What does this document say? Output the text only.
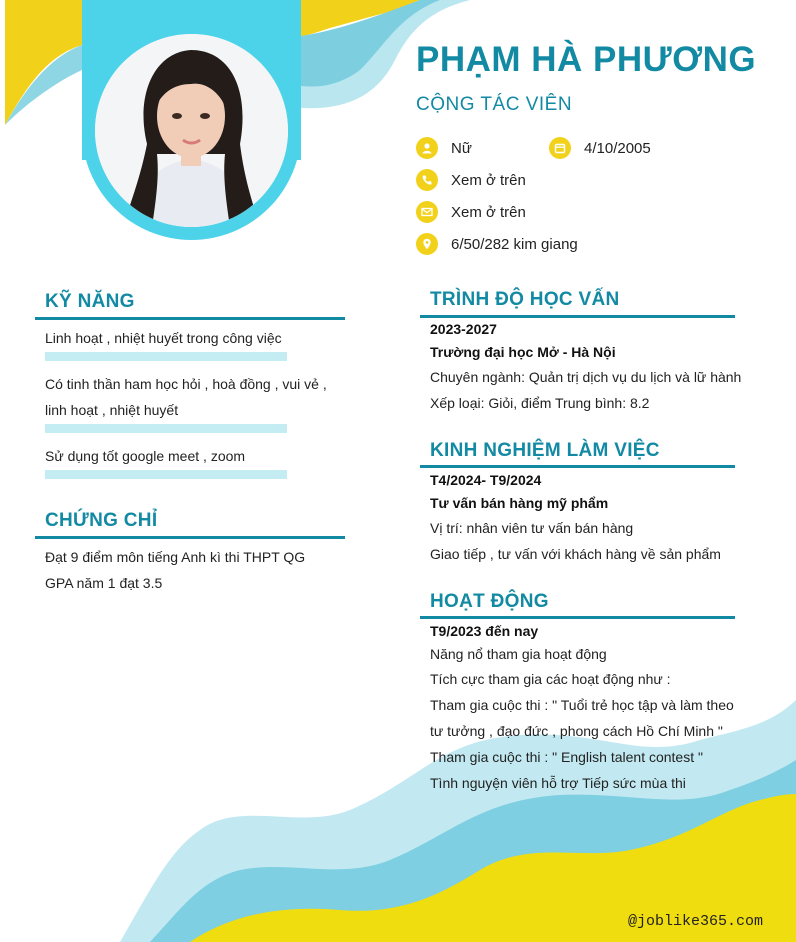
PHẠM HÀ PHƯƠNG
CỘNG TÁC VIÊN
Nữ	4/10/2005
Xem ở trên
Xem ở trên
6/50/282 kim giang
KỸ NĂNG
Linh hoạt , nhiệt huyết trong công việc
Có tinh thần ham học hỏi , hoà đồng , vui vẻ , linh hoạt , nhiệt huyết
Sử dụng tốt google meet , zoom
CHỨNG CHỈ
Đạt 9 điểm môn tiếng Anh kì thi THPT QG
GPA năm 1 đạt 3.5
TRÌNH ĐỘ HỌC VẤN
2023-2027
Trường đại học Mở - Hà Nội
Chuyên ngành: Quản trị dịch vụ du lịch và lữ hành
Xếp loại: Giỏi, điểm Trung bình: 8.2
KINH NGHIỆM LÀM VIỆC
T4/2024- T9/2024
Tư vấn bán hàng mỹ phẩm
Vị trí: nhân viên tư vấn bán hàng
Giao tiếp , tư vấn với khách hàng về sản phẩm
HOẠT ĐỘNG
T9/2023 đến nay
Năng nổ tham gia hoạt động
Tích cực tham gia các hoạt động như :
Tham gia cuộc thi : " Tuổi trẻ học tập và làm theo
tư tưởng , đạo đức , phong cách Hồ Chí Minh "
Tham gia cuộc thi : " English talent contest "
Tình nguyện viên hỗ trợ Tiếp sức mùa thi
@joblike365.com
